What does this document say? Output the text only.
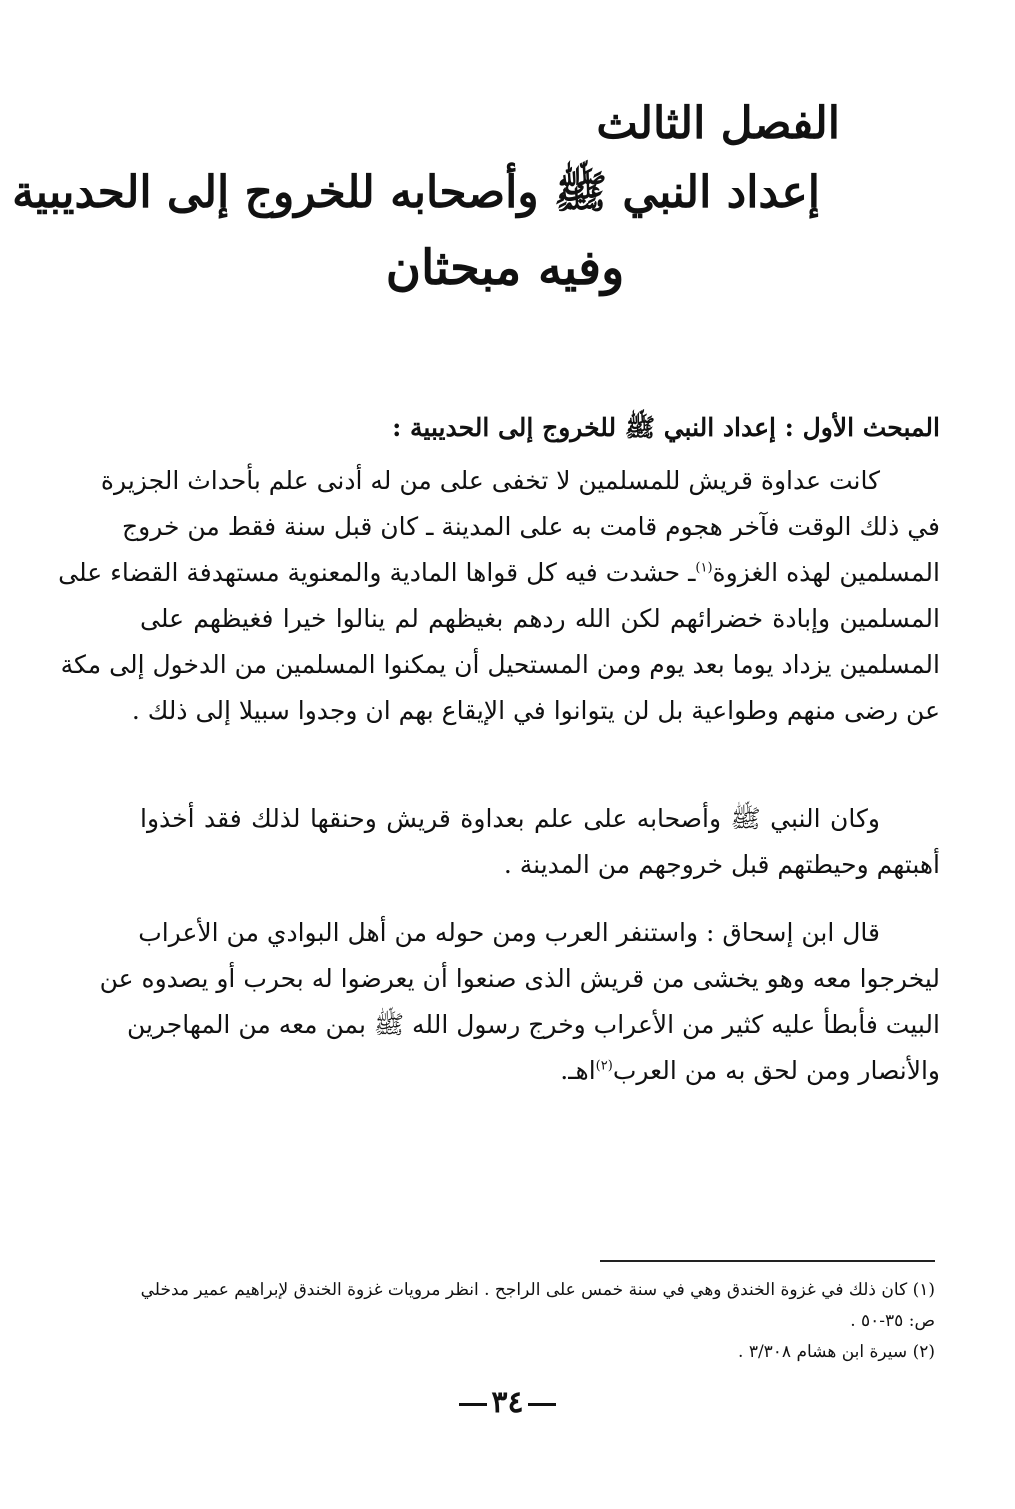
الفصل الثالث
إعداد النبي ﷺ وأصحابه للخروج إلى الحديبية
وفيه مبحثان
المبحث الأول : إعداد النبي ﷺ للخروج إلى الحديبية :
كانت عداوة قريش للمسلمين لا تخفى على من له أدنى علم بأحداث الجزيرة
في ذلك الوقت فآخر هجوم قامت به على المدينة ـ كان قبل سنة فقط من خروج
المسلمين لهذه الغزوة$^{(١)}$ـ حشدت فيه كل قواها المادية والمعنوية مستهدفة القضاء على
المسلمين وإبادة خضرائهم لكن الله ردهم بغيظهم لم ينالوا خيرا فغيظهم على
المسلمين يزداد يوما بعد يوم ومن المستحيل أن يمكنوا المسلمين من الدخول إلى مكة
عن رضى منهم وطواعية بل لن يتوانوا في الإيقاع بهم ان وجدوا سبيلا إلى ذلك .
وكان النبي ﷺ وأصحابه على علم بعداوة قريش وحنقها لذلك فقد أخذوا
أهبتهم وحيطتهم قبل خروجهم من المدينة .
قال ابن إسحاق : واستنفر العرب ومن حوله من أهل البوادي من الأعراب
ليخرجوا معه وهو يخشى من قريش الذى صنعوا أن يعرضوا له بحرب أو يصدوه عن
البيت فأبطأ عليه كثير من الأعراب وخرج رسول الله ﷺ بمن معه من المهاجرين
والأنصار ومن لحق به من العرب$^{(٢)}$اهـ.
(١) كان ذلك في غزوة الخندق وهي في سنة خمس على الراجح . انظر مرويات غزوة الخندق لإبراهيم عمير مدخلي
ص: ٣٥-٥٠ .
(٢) سيرة ابن هشام ٣/٣٠٨ .
٣٤
